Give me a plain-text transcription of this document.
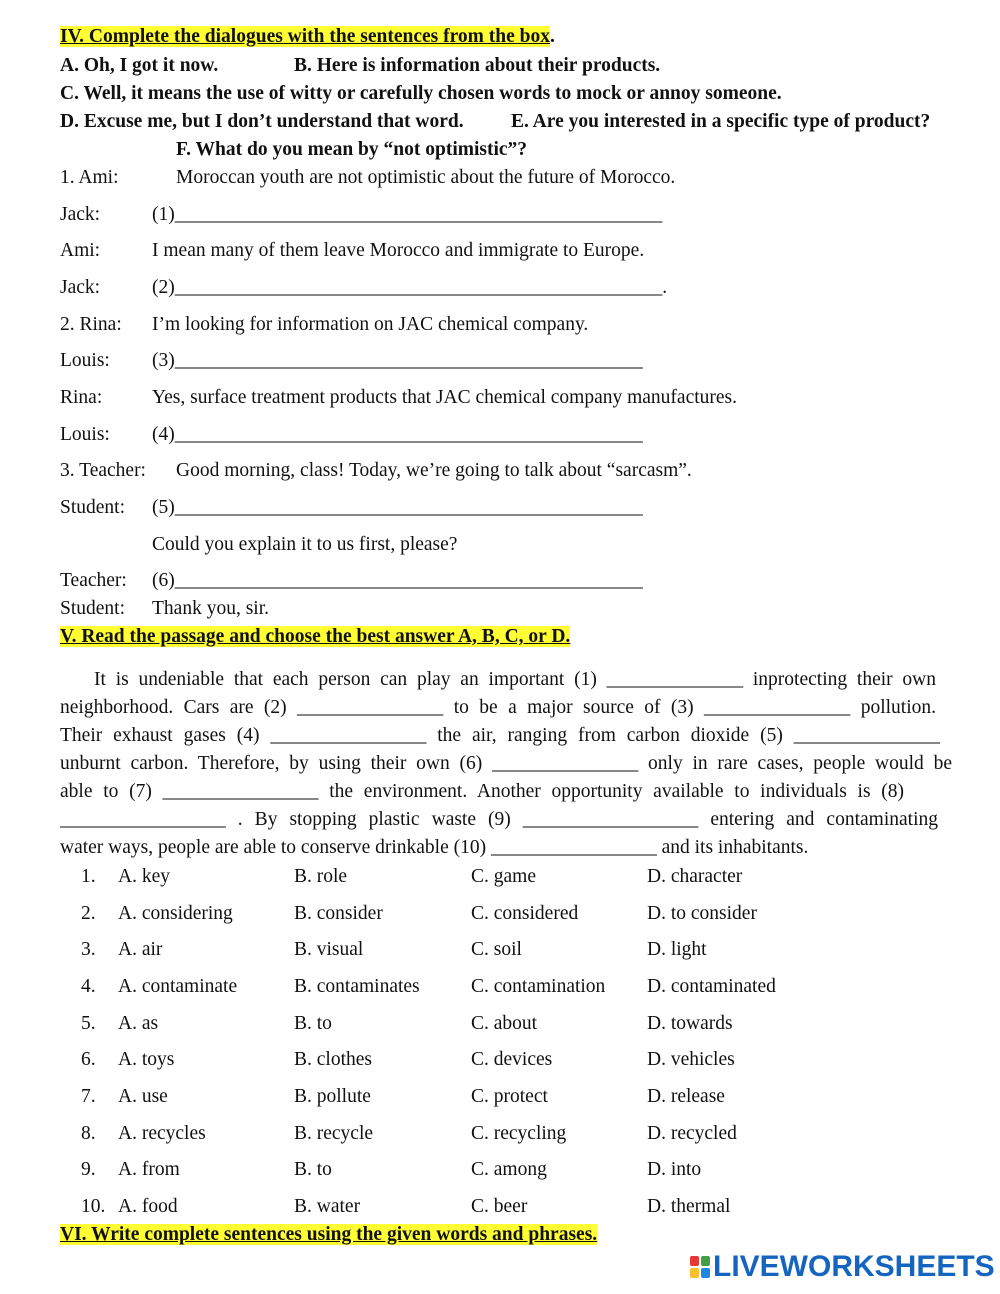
IV. Complete the dialogues with the sentences from the box.
A. Oh, I got it now.	B. Here is information about their products.
C. Well, it means the use of witty or carefully chosen words to mock or annoy someone.
D. Excuse me, but I don’t understand that word. E. Are you interested in a specific type of product?
F. What do you mean by “not optimistic”?
1. Ami:	Moroccan youth are not optimistic about the future of Morocco.
Jack:	(1)__________________________________________________
Ami:	I mean many of them leave Morocco and immigrate to Europe.
Jack:	(2)__________________________________________________.
2. Rina: I’m looking for information on JAC chemical company.
Louis: (3)________________________________________________
Rina:	Yes, surface treatment products that JAC chemical company manufactures.
Louis: (4)________________________________________________
3. Teacher: Good morning, class! Today, we’re going to talk about “sarcasm”.
Student: (5)________________________________________________
Could you explain it to us first, please?
Teacher: (6)________________________________________________
Student: Thank you, sir.
V. Read the passage and choose the best answer A, B, C, or D.
It is undeniable that each person can play an important (1) ______________ inprotecting their own
neighborhood. Cars are (2) _______________ to be a major source of (3) _______________ pollution.
Their exhaust gases (4) ________________ the air, ranging from carbon dioxide (5) _______________
unburnt carbon. Therefore, by using their own (6) _______________ only in rare cases, people would be
able to (7) ________________ the environment. Another opportunity available to individuals is (8)
_________________ . By stopping plastic waste (9) __________________ entering and contaminating
water ways, people are able to conserve drinkable (10) _________________ and its inhabitants.
1. A. key	B. role	C. game	D. character
2. A. considering	B. consider	C. considered	D. to consider
3. A. air	B. visual	C. soil	D. light
4. A. contaminate	B. contaminates	C. contamination D. contaminated
5. A. as	B. to	C. about	D. towards
6. A. toys	B. clothes	C. devices	D. vehicles
7. A. use	B. pollute	C. protect	D. release
8. A. recycles	B. recycle	C. recycling	D. recycled
9. A. from	B. to	C. among	D. into
10. A. food	B. water	C. beer	D. thermal
VI. Write complete sentences using the given words and phrases.
LIVEWORKSHEETS
